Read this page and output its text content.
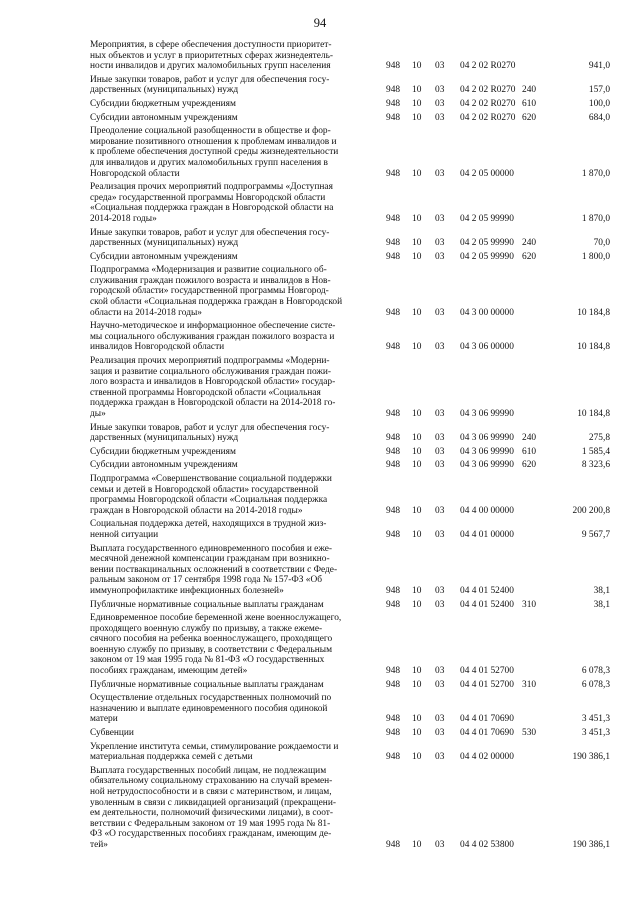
94
Мероприятия, в сфере обеспечения доступности приоритет-
ных объектов и услуг в приоритетных сферах жизнедеятель-
ности инвалидов и других маломобильных групп населения	948 10 03 04 2 02 R0270	941,0
Иные закупки товаров, работ и услуг для обеспечения госу-
дарственных (муниципальных) нужд	948 10 03 04 2 02 R0270 240	157,0
Субсидии бюджетным учреждениям	948 10 03 04 2 02 R0270 610	100,0
Субсидии автономным учреждениям	948 10 03 04 2 02 R0270 620	684,0
Преодоление социальной разобщенности в обществе и фор-
мирование позитивного отношения к проблемам инвалидов и
к проблеме обеспечения доступной среды жизнедеятельности
для инвалидов и других маломобильных групп населения в
Новгородской области	948 10 03 04 2 05 00000	1 870,0
Реализация прочих мероприятий подпрограммы «Доступная
среда» государственной программы Новгородской области
«Социальная поддержка граждан в Новгородской области на
2014-2018 годы»	948 10 03 04 2 05 99990	1 870,0
Иные закупки товаров, работ и услуг для обеспечения госу-
дарственных (муниципальных) нужд	948 10 03 04 2 05 99990 240	70,0
Субсидии автономным учреждениям	948 10 03 04 2 05 99990 620	1 800,0
Подпрограмма «Модернизация и развитие социального об-
служивания граждан пожилого возраста и инвалидов в Нов-
городской области» государственной программы Новгород-
ской области «Социальная поддержка граждан в Новгородской
области на 2014-2018 годы»	948 10 03 04 3 00 00000	10 184,8
Научно-методическое и информационное обеспечение систе-
мы социального обслуживания граждан пожилого возраста и
инвалидов Новгородской области	948 10 03 04 3 06 00000	10 184,8
Реализация прочих мероприятий подпрограммы «Модерни-
зация и развитие социального обслуживания граждан пожи-
лого возраста и инвалидов в Новгородской области» государ-
ственной программы Новгородской области «Социальная
поддержка граждан в Новгородской области на 2014-2018 го-
ды»	948 10 03 04 3 06 99990	10 184,8
Иные закупки товаров, работ и услуг для обеспечения госу-
дарственных (муниципальных) нужд	948 10 03 04 3 06 99990 240	275,8
Субсидии бюджетным учреждениям	948 10 03 04 3 06 99990 610	1 585,4
Субсидии автономным учреждениям	948 10 03 04 3 06 99990 620	8 323,6
Подпрограмма «Совершенствование социальной поддержки
семьи и детей в Новгородской области» государственной
программы Новгородской области «Социальная поддержка
граждан в Новгородской области на 2014-2018 годы»	948 10 03 04 4 00 00000	200 200,8
Социальная поддержка детей, находящихся в трудной жиз-
ненной ситуации	948 10 03 04 4 01 00000	9 567,7
Выплата государственного единовременного пособия и еже-
месячной денежной компенсации гражданам при возникно-
вении поствакцинальных осложнений в соответствии с Феде-
ральным законом от 17 сентября 1998 года № 157-ФЗ «Об
иммунопрофилактике инфекционных болезней»	948 10 03 04 4 01 52400	38,1
Публичные нормативные социальные выплаты гражданам	948 10 03 04 4 01 52400 310	38,1
Единовременное пособие беременной жене военнослужащего,
проходящего военную службу по призыву, а также ежеме-
сячного пособия на ребенка военнослужащего, проходящего
военную службу по призыву, в соответствии с Федеральным
законом от 19 мая 1995 года № 81-ФЗ «О государственных
пособиях гражданам, имеющим детей»	948 10 03 04 4 01 52700	6 078,3
Публичные нормативные социальные выплаты гражданам	948 10 03 04 4 01 52700 310	6 078,3
Осуществление отдельных государственных полномочий по
назначению и выплате единовременного пособия одинокой
матери	948 10 03 04 4 01 70690	3 451,3
Субвенции	948 10 03 04 4 01 70690 530	3 451,3
Укрепление института семьи, стимулирование рождаемости и
материальная поддержка семей с детьми	948 10 03 04 4 02 00000	190 386,1
Выплата государственных пособий лицам, не подлежащим
обязательному социальному страхованию на случай времен-
ной нетрудоспособности и в связи с материнством, и лицам,
уволенным в связи с ликвидацией организаций (прекращени-
ем деятельности, полномочий физическими лицами), в соот-
ветствии с Федеральным законом от 19 мая 1995 года № 81-
ФЗ «О государственных пособиях гражданам, имеющим де-
тей»	948 10 03 04 4 02 53800	190 386,1
